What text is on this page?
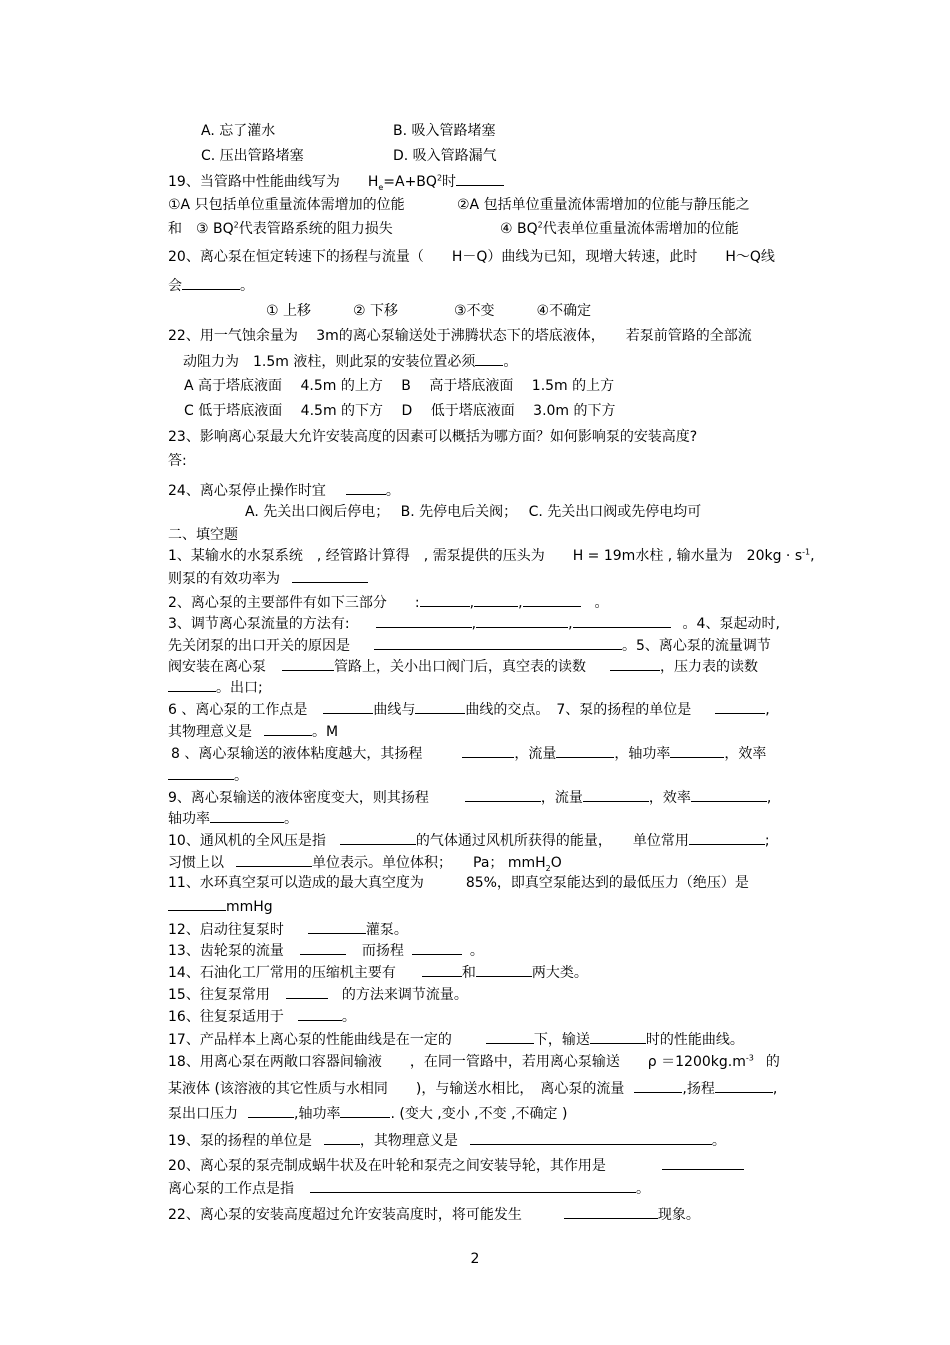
A. 忘了灌水	B. 吸入管路堵塞
C. 压出管路堵塞	D. 吸入管路漏气
19、当管路中性能曲线写为　　$H_e=A+BQ^2$时
①A 只包括单位重量流体需增加的位能	②A 包括单位重量流体需增加的位能与静压能之
和　③ $BQ^2$代表管路系统的阻力损失	④ $BQ^2$代表单位重量流体需增加的位能
20、离心泵在恒定转速下的扬程与流量（　　H－Q）曲线为已知，现增大转速，此时　　H～Q线
会	。
① 上移　　　② 下移　　　　③不变　　　④不确定
22、用一气蚀余量为　 3m的离心泵输送处于沸腾状态下的塔底液体，　　若泵前管路的全部流
动阻力为　1.5m 液柱，则此泵的安装位置必须 。
A 高于塔底液面　 4.5m 的上方　 B　 高于塔底液面　 1.5m 的上方
C 低于塔底液面　 4.5m 的下方　 D　 低于塔底液面　 3.0m 的下方
23、影响离心泵最大允许安装高度的因素可以概括为哪方面？如何影响泵的安装高度?
答:
24、离心泵停止操作时宜	。
A. 先关出口阀后停电；　 B. 先停电后关阀；　 C. 先关出口阀或先停电均可
二、填空题
1、某输水的水泵系统　, 经管路计算得　, 需泵提供的压头为　　H = 19m水柱 , 输水量为　$20kg \cdot s^{-1}$,
则泵的有效功率为
2、离心泵的主要部件有如下三部分　　:	,	,	。
3、调节离心泵流量的方法有:	,	,	。4、泵起动时,
先关闭泵的出口开关的原因是	。5、离心泵的流量调节
阀安装在离心泵	管路上，关小出口阀门后，真空表的读数	，压力表的读数
。出口;
6 、离心泵的工作点是	曲线与	曲线的交点。　7、泵的扬程的单位是	,
其物理意义是	。M
8 、离心泵输送的液体粘度越大，其扬程	，流量	，轴功率	，效率
。
9、离心泵输送的液体密度变大，则其扬程	，流量	，效率	,
轴功率	。
10、通风机的全风压是指	的气体通过风机所获得的能量，　　单位常用	;
习惯上以	单位表示。单位体积；　　Pa； mmH$_2$O
11、水环真空泵可以造成的最大真空度为　　　85%，即真空泵能达到的最低压力（绝压）是
mmHg
12、启动往复泵时	灌泵。
13、齿轮泵的流量	而扬程	。
14、石油化工厂常用的压缩机主要有	和	两大类。
15、往复泵常用	的方法来调节流量。
16、往复泵适用于	。
17、产品样本上离心泵的性能曲线是在一定的	下，输送	时的性能曲线。
18、用离心泵在两敞口容器间输液　　，在同一管路中，若用离心泵输送　　$\rho =1200kg.m^{-3}$ 的
某液体 (该溶液的其它性质与水相同　　)，与输送水相比，　离心泵的流量	,扬程	,
泵出口压力	,轴功率	. (变大 ,变小 ,不变 ,不确定 )
19、泵的扬程的单位是	，其物理意义是	。
20、离心泵的泵壳制成蜗牛状及在叶轮和泵壳之间安装导轮，其作用是
离心泵的工作点是指	。
22、离心泵的安装高度超过允许安装高度时，将可能发生	现象。
2
